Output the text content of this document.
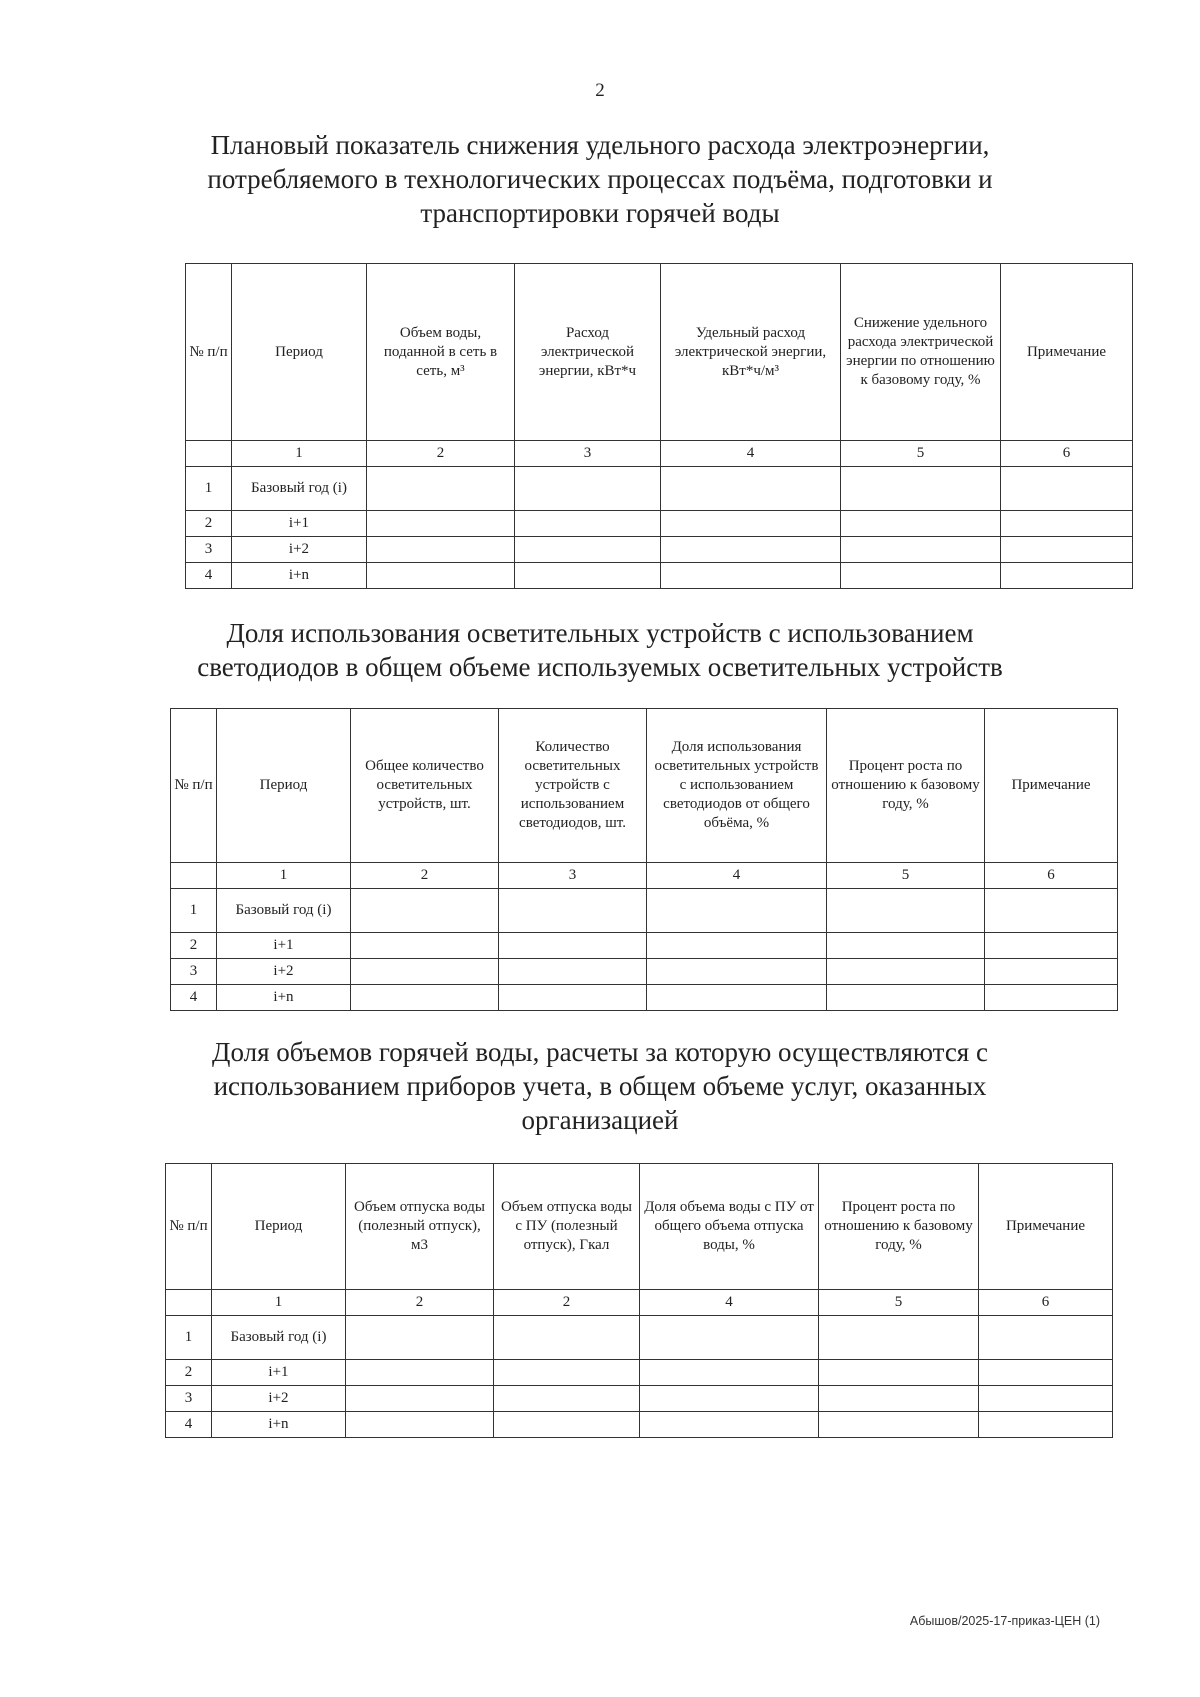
2
Плановый показатель снижения удельного расхода электроэнергии,
потребляемого в технологических процессах подъёма, подготовки и
транспортировки горячей воды
№ п/п	Период	Объем воды, поданной в сеть в сеть, м³	Расход электрической энергии, кВт*ч	Удельный расход электрической энергии, кВт*ч/м³	Снижение удельного расхода электрической энергии по отношению к базовому году, %	Примечание
	1	2	3	4	5	6
1	Базовый год (i)					
2	i+1					
3	i+2					
4	i+n					
Доля использования осветительных устройств с использованием
светодиодов в общем объеме используемых осветительных устройств
№ п/п	Период	Общее количество осветительных устройств, шт.	Количество осветительных устройств с использованием светодиодов, шт.	Доля использования осветительных устройств с использованием светодиодов от общего объёма, %	Процент роста по отношению к базовому году, %	Примечание
	1	2	3	4	5	6
1	Базовый год (i)					
2	i+1					
3	i+2					
4	i+n					
Доля объемов горячей воды, расчеты за которую осуществляются с
использованием приборов учета, в общем объеме услуг, оказанных
организацией
№ п/п	Период	Объем отпуска воды (полезный отпуск), м3	Объем отпуска воды с ПУ (полезный отпуск), Гкал	Доля объема воды с ПУ от общего объема отпуска воды, %	Процент роста по отношению к базовому году, %	Примечание
	1	2	2	4	5	6
1	Базовый год (i)					
2	i+1					
3	i+2					
4	i+n					
Абышов/2025-17-приказ-ЦЕН (1)
